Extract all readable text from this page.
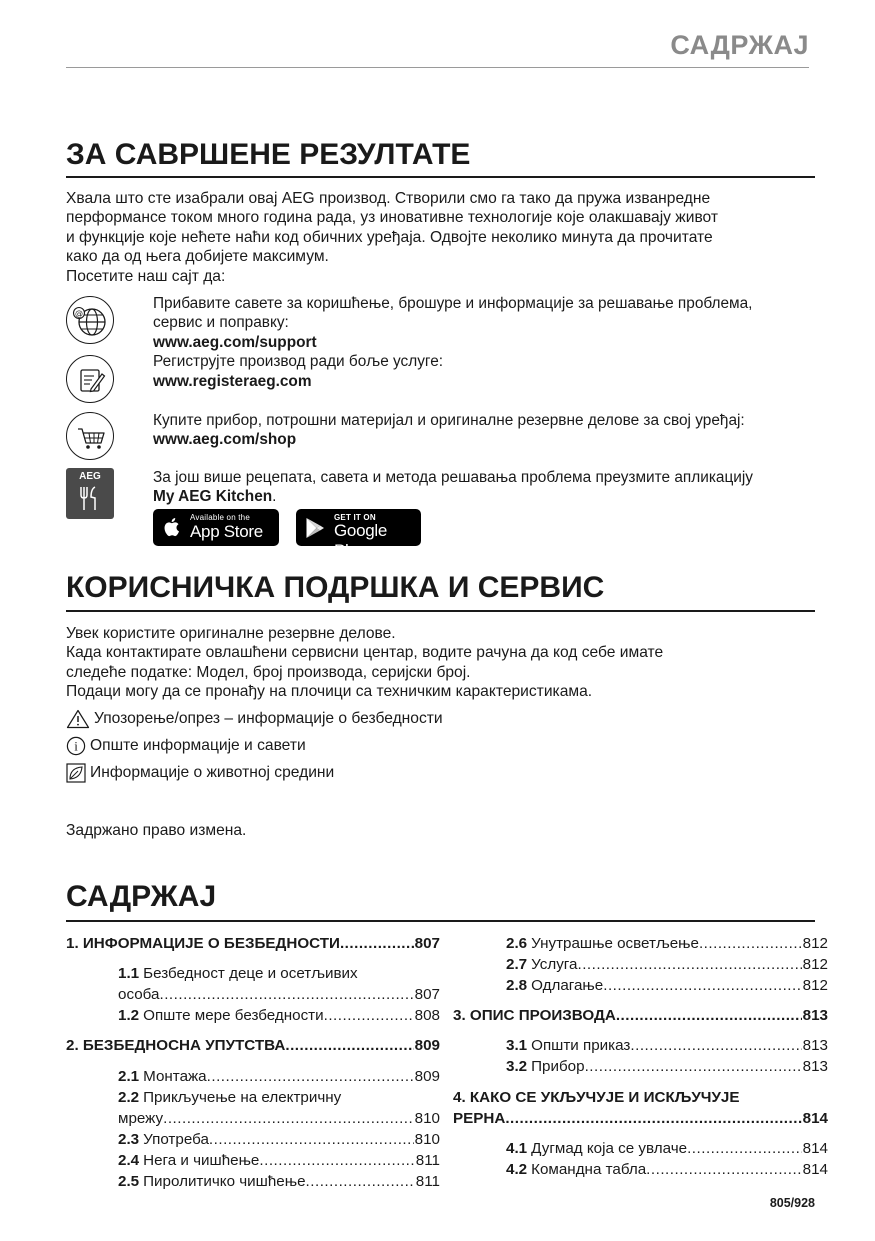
САДРЖАЈ
ЗА САВРШЕНЕ РЕЗУЛТАТЕ
Хвала што сте изабрали овај AEG производ. Створили смо га тако да пружа изванредне
перформансе током много година рада, уз иновативне технологије које олакшавају живот
и функције које нећете наћи код обичних уређаја. Одвојте неколико минута да прочитате
како да од њега добијете максимум.
Посетите наш сајт да:
@
Прибавите савете за коришћење, брошуре и информације за решавање проблема,
сервис и поправку:
www.aeg.com/support
Региструјте производ ради боље услуге:
www.registeraeg.com
Купите прибор, потрошни материјал и оригиналне резервне делове за свој уређај:
www.aeg.com/shop
AEG	За још више рецепата, савета и метода решавања проблема преузмите апликацију
My AEG Kitchen.
Available on the
App Store
GET IT ON
Google Play
КОРИСНИЧКА ПОДРШКА И СЕРВИС
Увек користите оригиналне резервне делове.
Када контактирате овлашћени сервисни центар, водите рачуна да код себе имате
следеће податке: Модел, број производа, серијски број.
Подаци могу да се пронађу на плочици са техничким карактеристикама.
Упозорење/опрез – информације о безбедности
i Опште информације и савети
Информације о животној средини
Задржано право измена.
САДРЖАЈ
1. ИНФОРМАЦИЈЕ О БЕЗБЕДНОСТИ .....	807
1.1 Безбедност деце и осетљивих
особа .....	807
1.2 Опште мере безбедности .....	808
2. БЕЗБЕДНОСНА УПУТСТВА .....	809
2.1 Монтажа .....	809
2.2 Прикључење на електричну
мрежу .....	810
2.3 Употреба .....	810
2.4 Нега и чишћење .....	811
2.5 Пиролитичко чишћење .....	811
2.6 Унутрашње осветљење .....	812
2.7 Услуга .....	812
2.8 Одлагање .....	812
3. ОПИС ПРОИЗВОДА .....	813
3.1 Општи приказ .....	813
3.2 Прибор .....	813
4. КАКО СЕ УКЉУЧУЈЕ И ИСКЉУЧУЈЕ
РЕРНА .....	814
4.1 Дугмад која се увлаче .....	814
4.2 Командна табла .....	814
805/928
